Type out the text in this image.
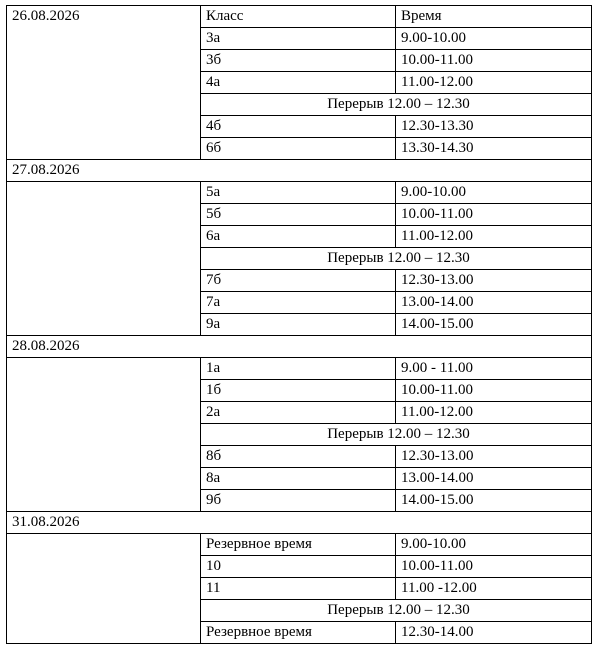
26.08.2026	Класс	Время
	3а	9.00-10.00
	3б	10.00-11.00
	4а	11.00-12.00
	Перерыв 12.00 – 12.30	
	4б	12.30-13.30
	6б	13.30-14.30
27.08.2026		
	5а	9.00-10.00
	5б	10.00-11.00
	6а	11.00-12.00
	Перерыв 12.00 – 12.30	
	7б	12.30-13.00
	7а	13.00-14.00
	9а	14.00-15.00
28.08.2026		
	1а	9.00 - 11.00
	1б	10.00-11.00
	2а	11.00-12.00
	Перерыв 12.00 – 12.30	
	8б	12.30-13.00
	8а	13.00-14.00
	9б	14.00-15.00
31.08.2026		
	Резервное время	9.00-10.00
	10	10.00-11.00
	11	11.00 -12.00
	Перерыв 12.00 – 12.30	
	Резервное время	12.30-14.00
